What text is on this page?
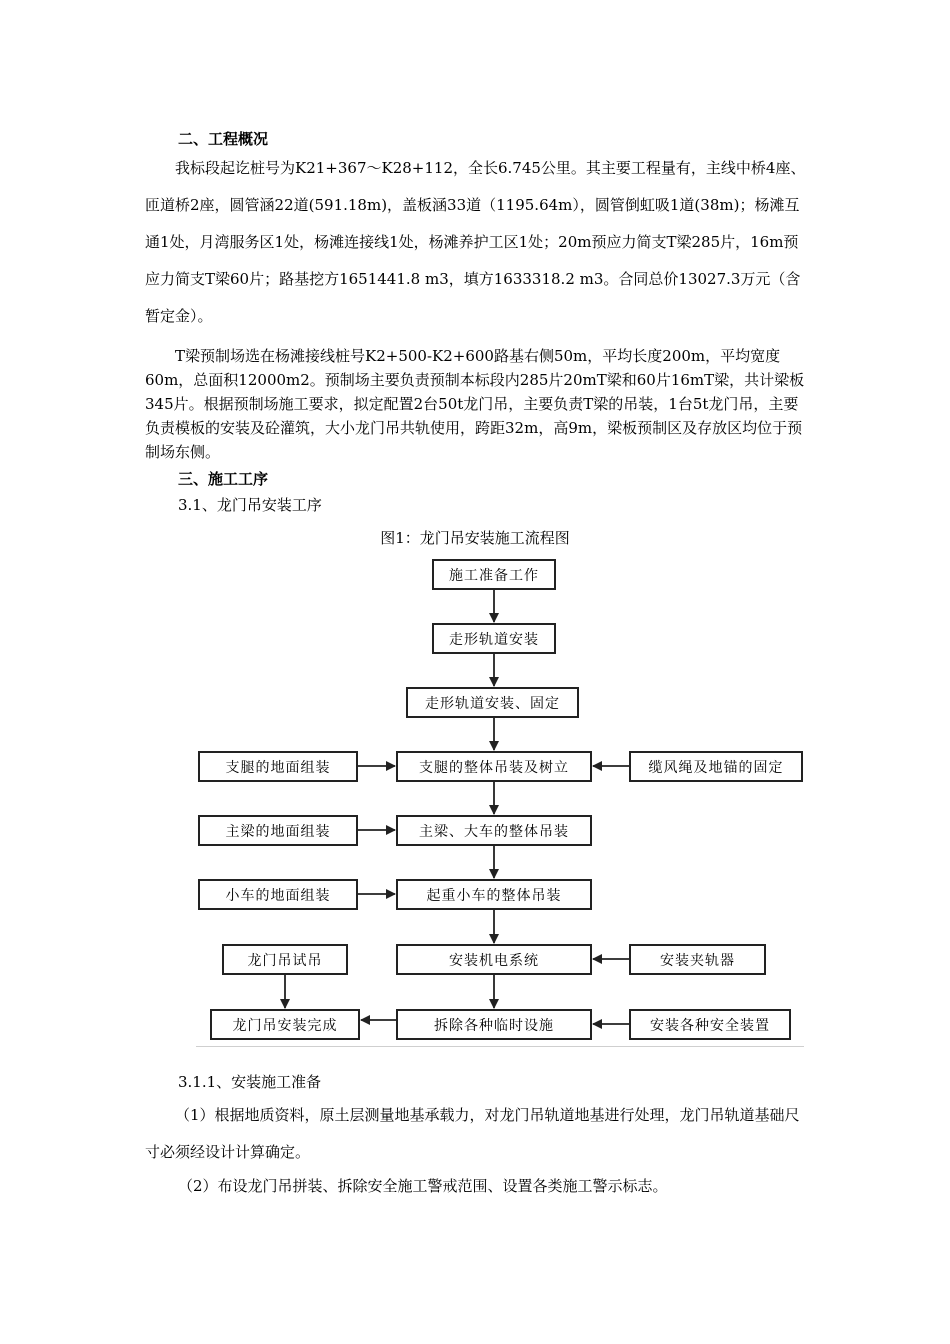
二、工程概况
我标段起讫桩号为K21+367～K28+112，全长6.745公里。其主要工程量有，主线中桥4座、匝道桥2座，圆管涵22道(591.18m)，盖板涵33道（1195.64m），圆管倒虹吸1道(38m)；杨滩互通1处，月湾服务区1处，杨滩连接线1处，杨滩养护工区1处；20m预应力简支T梁285片，16m预应力简支T梁60片；路基挖方1651441.8 m3，填方1633318.2 m3。合同总价13027.3万元（含暂定金）。
T梁预制场选在杨滩接线桩号K2+500-K2+600路基右侧50m，平均长度200m，平均宽度60m，总面积12000m2。预制场主要负责预制本标段内285片20mT梁和60片16mT梁，共计梁板345片。根据预制场施工要求，拟定配置2台50t龙门吊，主要负责T梁的吊装，1台5t龙门吊，主要负责模板的安装及砼灌筑，大小龙门吊共轨使用，跨距32m，高9m，梁板预制区及存放区均位于预制场东侧。
三、施工工序
3.1、龙门吊安装工序
图1：龙门吊安装施工流程图
施工准备工作
走形轨道安装
走形轨道安装、固定
支腿的整体吊装及树立
主梁、大车的整体吊装
起重小车的整体吊装
安装机电系统
拆除各种临时设施
支腿的地面组装
主梁的地面组装
小车的地面组装
龙门吊试吊
龙门吊安装完成
缆风绳及地锚的固定
安装夹轨器
安装各种安全装置
3.1.1、安装施工准备
（1）根据地质资料，原土层测量地基承载力，对龙门吊轨道地基进行处理，龙门吊轨道基础尺寸必须经设计计算确定。
（2）布设龙门吊拼装、拆除安全施工警戒范围、设置各类施工警示标志。
